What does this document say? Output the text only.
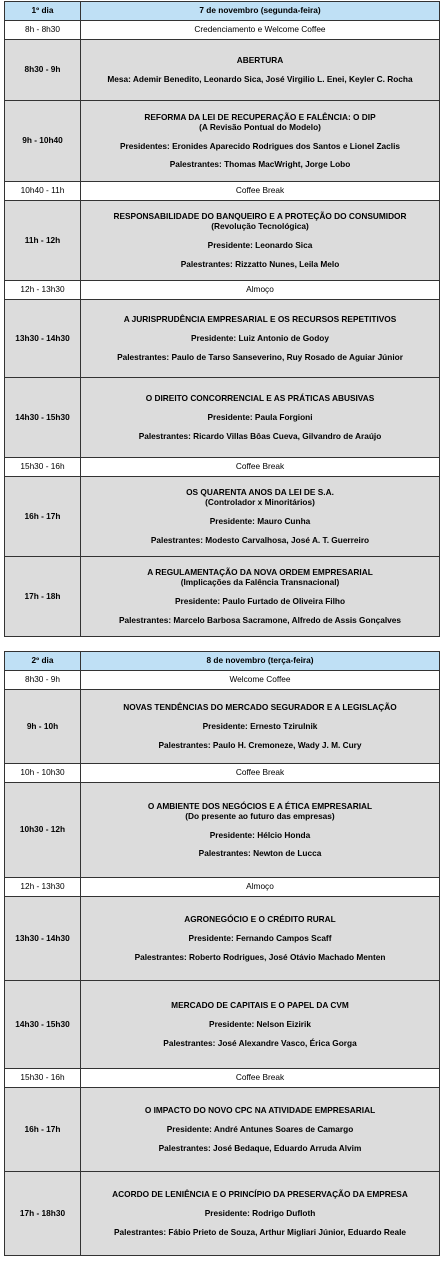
1º dia	7 de novembro (segunda-feira)
8h - 8h30	Credenciamento e Welcome Coffee
8h30 - 9h	ABERTURA
Mesa: Ademir Benedito, Leonardo Sica, José Virgilio L. Enei, Keyler C. Rocha

9h - 10h40	REFORMA DA LEI DE RECUPERAÇÃO E FALÊNCIA: O DIP
(A Revisão Pontual do Modelo)
Presidentes: Eronides Aparecido Rodrigues dos Santos e Lionel Zaclis
Palestrantes: Thomas MacWright, Jorge Lobo

10h40 - 11h	Coffee Break
11h - 12h	RESPONSABILIDADE DO BANQUEIRO E A PROTEÇÃO DO CONSUMIDOR
(Revolução Tecnológica)
Presidente: Leonardo Sica
Palestrantes: Rizzatto Nunes, Leila Melo

12h - 13h30	Almoço
13h30 - 14h30	A JURISPRUDÊNCIA EMPRESARIAL E OS RECURSOS REPETITIVOS
Presidente: Luiz Antonio de Godoy
Palestrantes: Paulo de Tarso Sanseverino, Ruy Rosado de Aguiar Júnior

14h30 - 15h30	O DIREITO CONCORRENCIAL E AS PRÁTICAS ABUSIVAS
Presidente: Paula Forgioni
Palestrantes: Ricardo Villas Bôas Cueva, Gilvandro de Araújo

15h30 - 16h	Coffee Break
16h - 17h	OS QUARENTA ANOS DA LEI DE S.A.
(Controlador x Minoritários)
Presidente: Mauro Cunha
Palestrantes: Modesto Carvalhosa, José A. T. Guerreiro

17h - 18h	A REGULAMENTAÇÃO DA NOVA ORDEM EMPRESARIAL
(Implicações da Falência Transnacional)
Presidente: Paulo Furtado de Oliveira Filho
Palestrantes: Marcelo Barbosa Sacramone, Alfredo de Assis Gonçalves
2º dia	8 de novembro (terça-feira)
8h30 - 9h	Welcome Coffee
9h - 10h	NOVAS TENDÊNCIAS DO MERCADO SEGURADOR E A LEGISLAÇÃO
Presidente: Ernesto Tzirulnik
Palestrantes: Paulo H. Cremoneze, Wady J. M. Cury

10h - 10h30	Coffee Break
10h30 - 12h	O AMBIENTE DOS NEGÓCIOS E A ÉTICA EMPRESARIAL
(Do presente ao futuro das empresas)
Presidente: Hélcio Honda
Palestrantes: Newton de Lucca

12h - 13h30	Almoço
13h30 - 14h30	AGRONEGÓCIO E O CRÉDITO RURAL
Presidente: Fernando Campos Scaff
Palestrantes: Roberto Rodrigues, José Otávio Machado Menten

14h30 - 15h30	MERCADO DE CAPITAIS E O PAPEL DA CVM
Presidente: Nelson Eizirik
Palestrantes: José Alexandre Vasco, Érica Gorga

15h30 - 16h	Coffee Break
16h - 17h	O IMPACTO DO NOVO CPC NA ATIVIDADE EMPRESARIAL
Presidente: André Antunes Soares de Camargo
Palestrantes: José Bedaque, Eduardo Arruda Alvim

17h - 18h30	ACORDO DE LENIÊNCIA E O PRINCÍPIO DA PRESERVAÇÃO DA EMPRESA
Presidente: Rodrigo Dufloth
Palestrantes: Fábio Prieto de Souza, Arthur Migliari Júnior, Eduardo Reale
